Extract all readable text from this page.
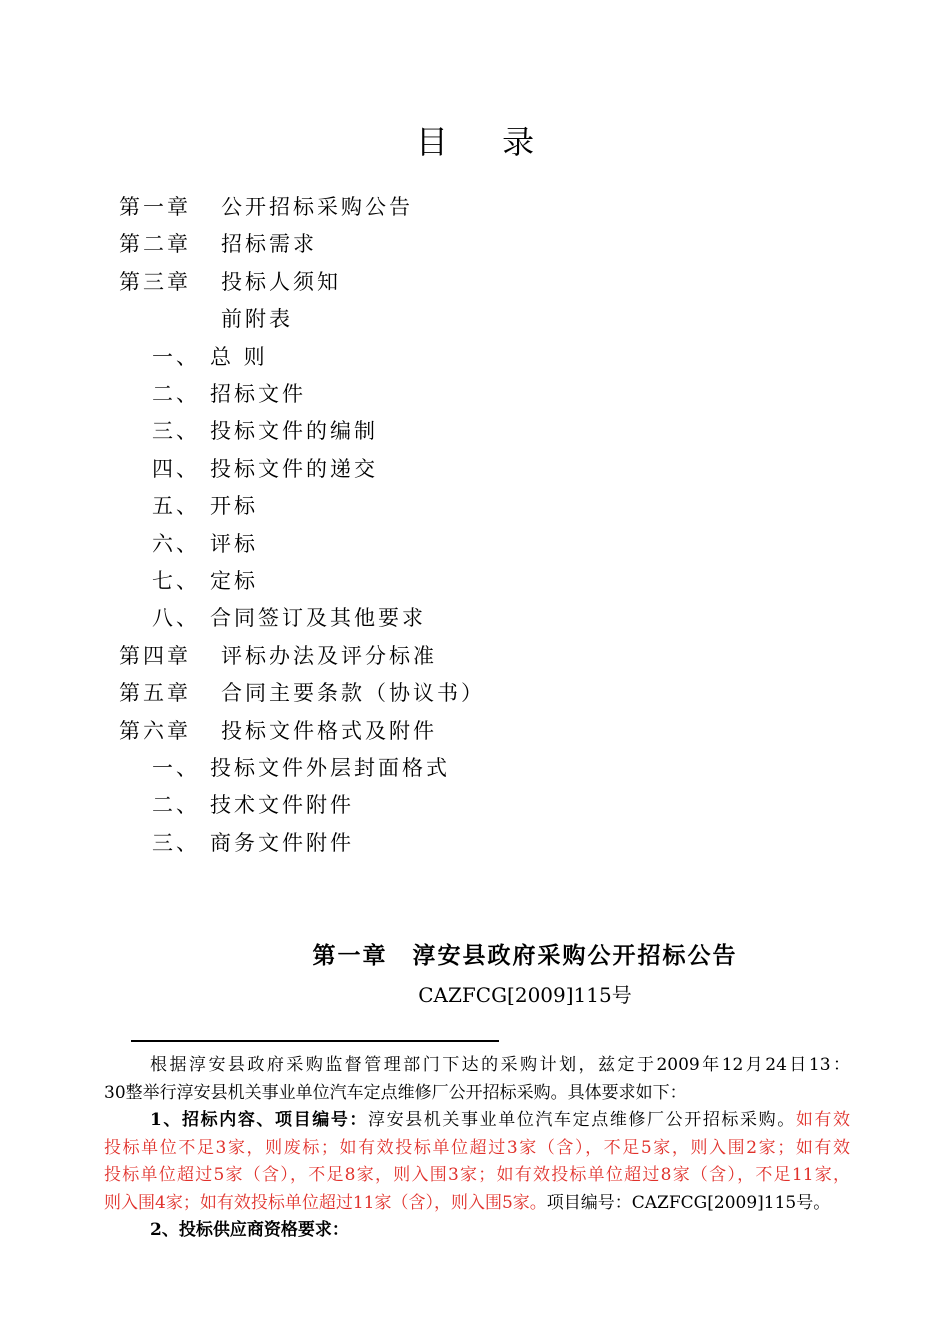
目 录
第一章 公开招标采购公告
第二章 招标需求
第三章 投标人须知
前附表
一、 总 则
二、 招标文件
三、 投标文件的编制
四、 投标文件的递交
五、 开标
六、 评标
七、 定标
八、 合同签订及其他要求
第四章 评标办法及评分标准
第五章 合同主要条款（协议书）
第六章 投标文件格式及附件
一、 投标文件外层封面格式
二、 技术文件附件
三、 商务文件附件
第一章　淳安县政府采购公开招标公告
CAZFCG[2009]115号

根据淳安县政府采购监督管理部门下达的采购计划，兹定于2009年12月24日13：
30整举行淳安县机关事业单位汽车定点维修厂公开招标采购。具体要求如下：

1、招标内容、项目编号：淳安县机关事业单位汽车定点维修厂公开招标采购。如有效
投标单位不足3家，则废标；如有效投标单位超过3家（含），不足5家，则入围2家；如有效
投标单位超过5家（含），不足8家，则入围3家；如有效投标单位超过8家（含），不足11家，
则入围4家；如有效投标单位超过11家（含），则入围5家。项目编号：CAZFCG[2009]115号。

2、投标供应商资格要求：
